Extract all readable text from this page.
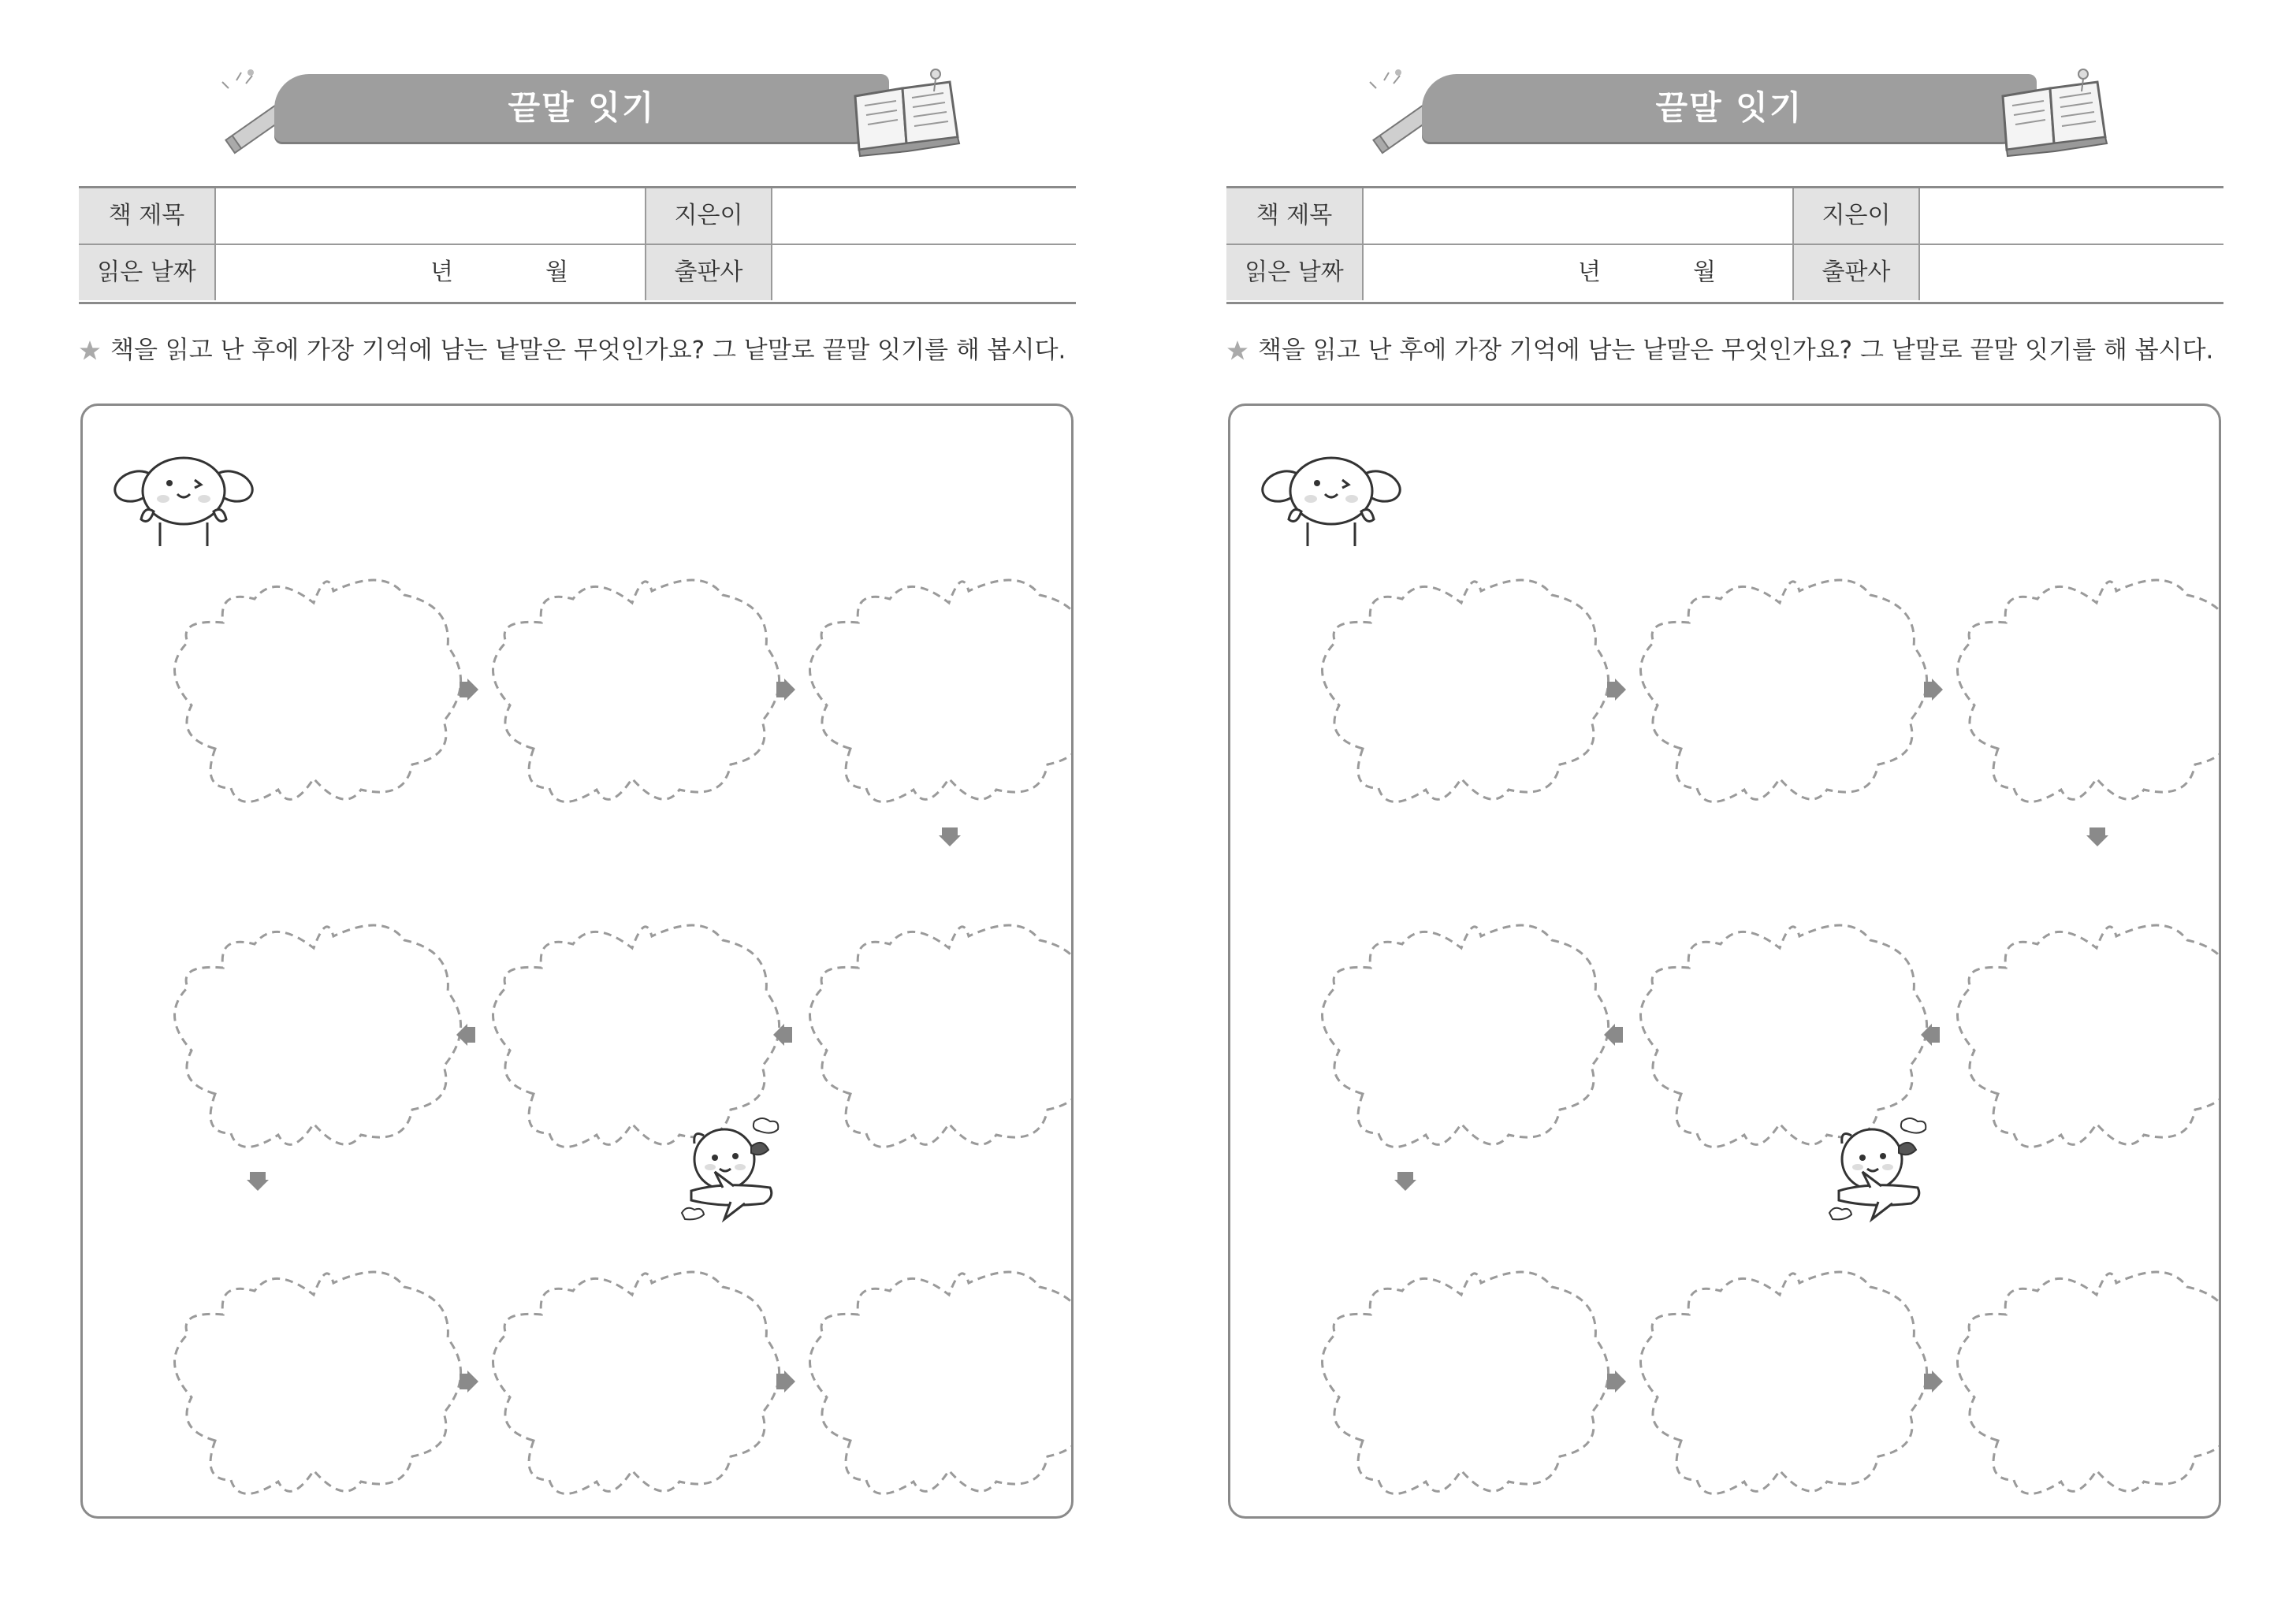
끝말 잇기
책 제목	지은이
읽은 날짜	년	월	출판사
책을 읽고 난 후에 가장 기억에 남는 낱말은 무엇인가요? 그 낱말로 끝말 잇기를 해 봅시다.
끝말 잇기
책 제목	지은이
읽은 날짜	년	월	출판사
책을 읽고 난 후에 가장 기억에 남는 낱말은 무엇인가요? 그 낱말로 끝말 잇기를 해 봅시다.
